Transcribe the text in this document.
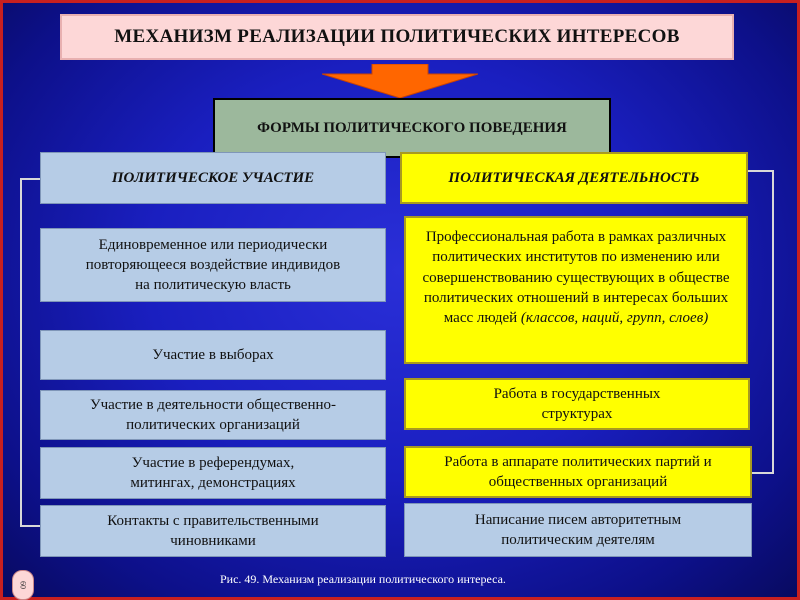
МЕХАНИЗМ РЕАЛИЗАЦИИ ПОЛИТИЧЕСКИХ ИНТЕРЕСОВ
ФОРМЫ ПОЛИТИЧЕСКОГО ПОВЕДЕНИЯ
ПОЛИТИЧЕСКОЕ УЧАСТИЕ
Единовременное или периодически повторяющееся воздействие индивидов на политическую власть
Участие в выборах
Участие в деятельности общественно-политических организаций
Участие в референдумах, митингах, демонстрациях
Контакты с правительственными чиновниками
ПОЛИТИЧЕСКАЯ ДЕЯТЕЛЬНОСТЬ
Профессиональная работа в рамках различных политических институтов по изменению или совершенствованию существующих в обществе политических отношений в интересах больших масс людей (классов, наций, групп, слоев)
Работа в государственных структурах
Работа в аппарате политических партий и общественных организаций
Написание писем авторитетным политическим деятелям
60	Рис. 49. Механизм реализации политического интереса.
